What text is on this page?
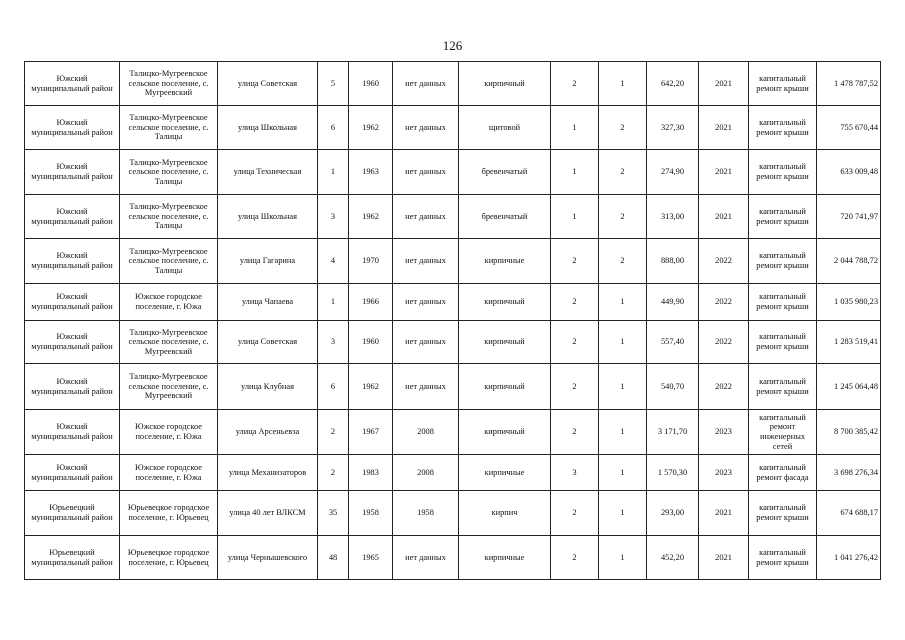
126
Южский муниципальный район	Талицко-Мугреевское сельское поселение, с. Мугреевский	улица Советская	5	1960	нет данных	кирпичный	2	1	642,20	2021	капитальный ремонт крыши	1 478 787,52
Южский муниципальный район	Талицко-Мугреевское сельское поселение, с. Талицы	улица Школьная	6	1962	нет данных	щитовой	1	2	327,30	2021	капитальный ремонт крыши	755 670,44
Южский муниципальный район	Талицко-Мугреевское сельское поселение, с. Талицы	улица Техническая	1	1963	нет данных	бревенчатый	1	2	274,90	2021	капитальный ремонт крыши	633 009,48
Южский муниципальный район	Талицко-Мугреевское сельское поселение, с. Талицы	улица Школьная	3	1962	нет данных	бревенчатый	1	2	313,00	2021	капитальный ремонт крыши	720 741,97
Южский муниципальный район	Талицко-Мугреевское сельское поселение, с. Талицы	улица Гагарина	4	1970	нет данных	кирпичные	2	2	888,00	2022	капитальный ремонт крыши	2 044 788,72
Южский муниципальный район	Южское городское поселение, г. Южа	улица Чапаева	1	1966	нет данных	кирпичный	2	1	449,90	2022	капитальный ремонт крыши	1 035 980,23
Южский муниципальный район	Талицко-Мугреевское сельское поселение, с. Мугреевский	улица Советская	3	1960	нет данных	кирпичный	2	1	557,40	2022	капитальный ремонт крыши	1 283 519,41
Южский муниципальный район	Талицко-Мугреевское сельское поселение, с. Мугреевский	улица Клубная	6	1962	нет данных	кирпичный	2	1	540,70	2022	капитальный ремонт крыши	1 245 064,48
Южский муниципальный район	Южское городское поселение, г. Южа	улица Арсеньевза	2	1967	2008	кирпичный	2	1	3 171,70	2023	капитальный ремонт инженерных сетей	8 700 385,42
Южский муниципальный район	Южское городское поселение, г. Южа	улица Механизаторов	2	1983	2008	кирпичные	3	1	1 570,30	2023	капитальный ремонт фасада	3 698 276,34
Юрьевецкий муниципальный район	Юрьевецкое городское поселение, г. Юрьевец	улица 40 лет ВЛКСМ	35	1958	1958	кирпич	2	1	293,00	2021	капитальный ремонт крыши	674 688,17
Юрьевецкий муниципальный район	Юрьевецкое городское поселение, г. Юрьевец	улица Чернышевского	48	1965	нет данных	кирпичные	2	1	452,20	2021	капитальный ремонт крыши	1 041 276,42
